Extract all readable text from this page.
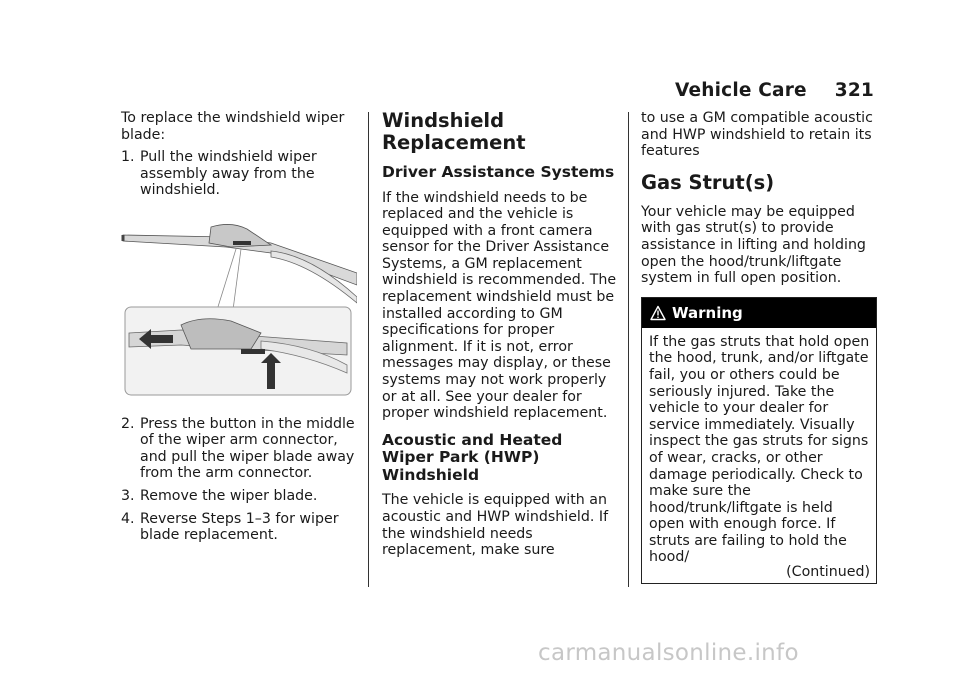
Vehicle Care 321

To replace the windshield wiper blade:

1. Pull the windshield wiper assembly away from the windshield.
2. Press the button in the middle of the wiper arm connector, and pull the wiper blade away from the arm connector.
3. Remove the wiper blade.
4. Reverse Steps 1–3 for wiper blade replacement.
Windshield Replacement
Driver Assistance Systems

If the windshield needs to be replaced and the vehicle is equipped with a front camera sensor for the Driver Assistance Systems, a GM replacement windshield is recommended. The replacement windshield must be installed according to GM specifications for proper alignment. If it is not, error messages may display, or these systems may not work properly or at all. See your dealer for proper windshield replacement.

Acoustic and Heated Wiper Park (HWP) Windshield

The vehicle is equipped with an acoustic and HWP windshield. If the windshield needs replacement, make sure

to use a GM compatible acoustic and HWP windshield to retain its features

Gas Strut(s)

Your vehicle may be equipped with gas strut(s) to provide assistance in lifting and holding open the hood/trunk/liftgate system in full open position.

Warning
If the gas struts that hold open the hood, trunk, and/or liftgate fail, you or others could be seriously injured. Take the vehicle to your dealer for service immediately. Visually inspect the gas struts for signs of wear, cracks, or other damage periodically. Check to make sure the hood/trunk/liftgate is held open with enough force. If struts are failing to hold the hood/
(Continued)
carmanualsonline.info
